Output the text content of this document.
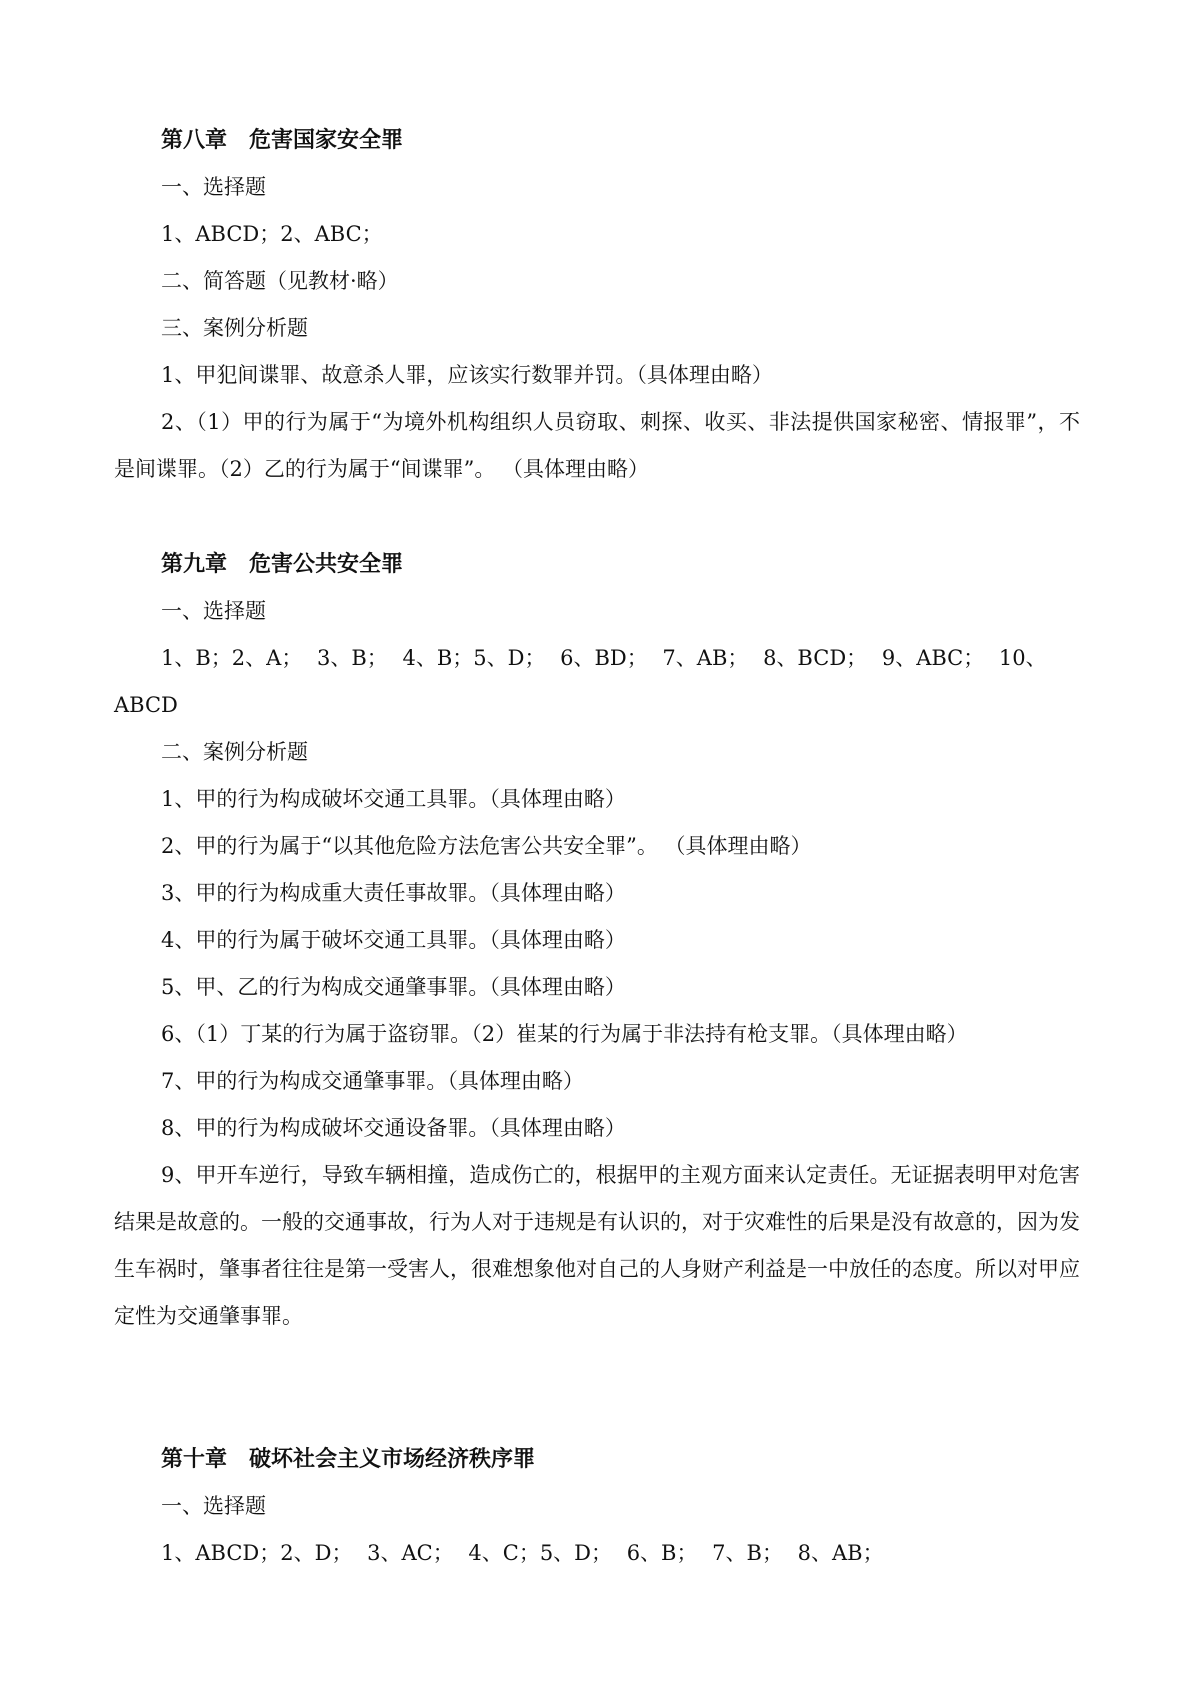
第八章 危害国家安全罪
一、选择题
1、ABCD；2、ABC；
二、简答题（见教材·略）
三、案例分析题
1、甲犯间谍罪、故意杀人罪，应该实行数罪并罚。（具体理由略）
2、（1）甲的行为属于“为境外机构组织人员窃取、刺探、收买、非法提供国家秘密、情报罪”，不是间谍罪。（2）乙的行为属于“间谍罪”。 （具体理由略）
第九章 危害公共安全罪
一、选择题
1、B；2、A； 3、B； 4、B；5、D； 6、BD； 7、AB； 8、BCD； 9、ABC； 10、
ABCD
二、案例分析题
1、甲的行为构成破坏交通工具罪。（具体理由略）
2、甲的行为属于“以其他危险方法危害公共安全罪”。 （具体理由略）
3、甲的行为构成重大责任事故罪。（具体理由略）
4、甲的行为属于破坏交通工具罪。（具体理由略）
5、甲、乙的行为构成交通肇事罪。（具体理由略）
6、（1）丁某的行为属于盗窃罪。（2）崔某的行为属于非法持有枪支罪。（具体理由略）
7、甲的行为构成交通肇事罪。（具体理由略）
8、甲的行为构成破坏交通设备罪。（具体理由略）
9、甲开车逆行，导致车辆相撞，造成伤亡的，根据甲的主观方面来认定责任。无证据表明甲对危害结果是故意的。一般的交通事故，行为人对于违规是有认识的，对于灾难性的后果是没有故意的，因为发生车祸时，肇事者往往是第一受害人，很难想象他对自己的人身财产利益是一中放任的态度。所以对甲应定性为交通肇事罪。
第十章 破坏社会主义市场经济秩序罪
一、选择题
1、ABCD；2、D； 3、AC； 4、C；5、D； 6、B； 7、B； 8、AB；
